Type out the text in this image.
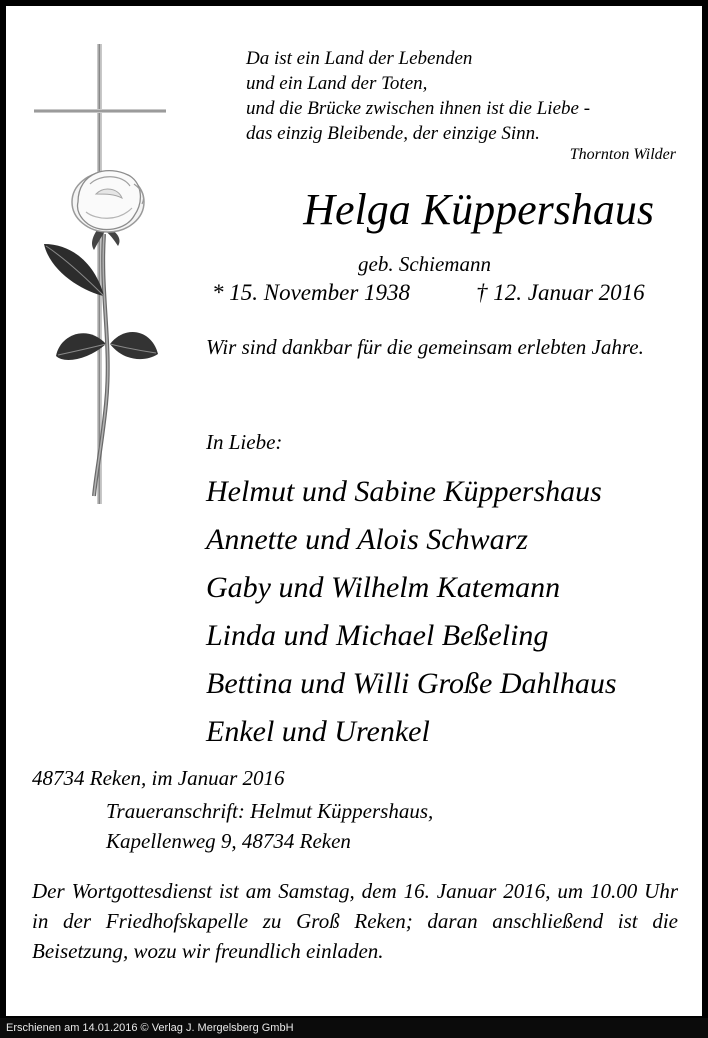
Da ist ein Land der Lebenden
und ein Land der Toten,
und die Brücke zwischen ihnen ist die Liebe -
das einzig Bleibende, der einzige Sinn.
Thornton Wilder
Helga Küppershaus
geb. Schiemann
* 15. November 1938	† 12. Januar 2016
Wir sind dankbar für die gemeinsam erlebten Jahre.
In Liebe:
Helmut und Sabine Küppershaus
Annette und Alois Schwarz
Gaby und Wilhelm Katemann
Linda und Michael Beßeling
Bettina und Willi Große Dahlhaus
Enkel und Urenkel
48734 Reken, im Januar 2016
Traueranschrift: Helmut Küppershaus,
Kapellenweg 9, 48734 Reken
Der Wortgottesdienst ist am Samstag, dem 16. Januar 2016, um 10.00 Uhr in der Friedhofskapelle zu Groß Reken; daran anschließend ist die Beisetzung, wozu wir freundlich einladen.
Erschienen am 14.01.2016 © Verlag J. Mergelsberg GmbH
